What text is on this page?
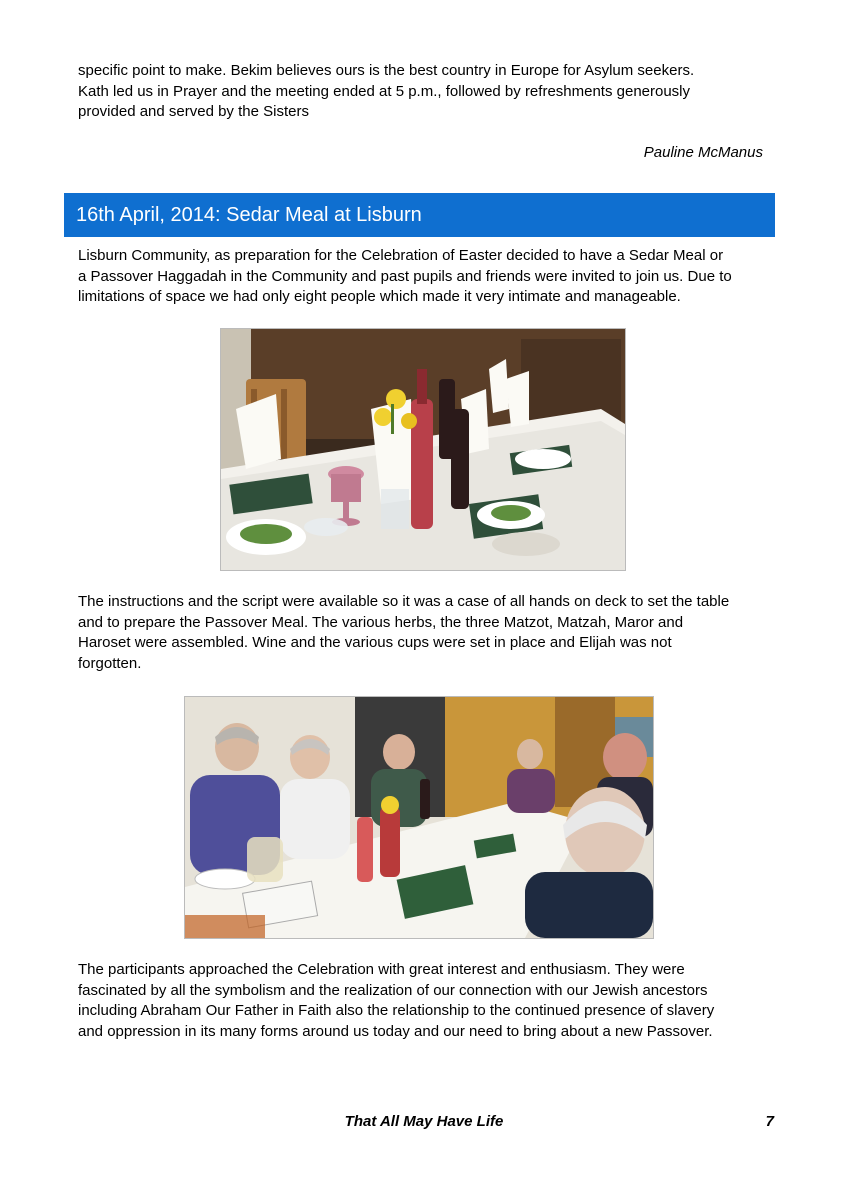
specific point to make. Bekim believes ours is the best country in Europe for Asylum seekers.
Kath led us in Prayer and the meeting ended at 5 p.m., followed by refreshments generously
provided and served by the Sisters

Pauline McManus

16th April, 2014: Sedar Meal at Lisburn
Lisburn Community, as preparation for the Celebration of Easter decided to have a Sedar Meal or
a Passover Haggadah in the Community and past pupils and friends were invited to join us. Due to
limitations of space we had only eight people which made it very intimate and manageable.
The instructions and the script were available so it was a case of all hands on deck to set the table
and to prepare the Passover Meal. The various herbs, the three Matzot, Matzah, Maror and
Haroset were assembled. Wine and the various cups were set in place and Elijah was not
forgotten.
The participants approached the Celebration with great interest and enthusiasm. They were
fascinated by all the symbolism and the realization of our connection with our Jewish ancestors
including Abraham Our Father in Faith also the relationship to the continued presence of slavery
and oppression in its many forms around us today and our need to bring about a new Passover.
That All May Have Life	7
